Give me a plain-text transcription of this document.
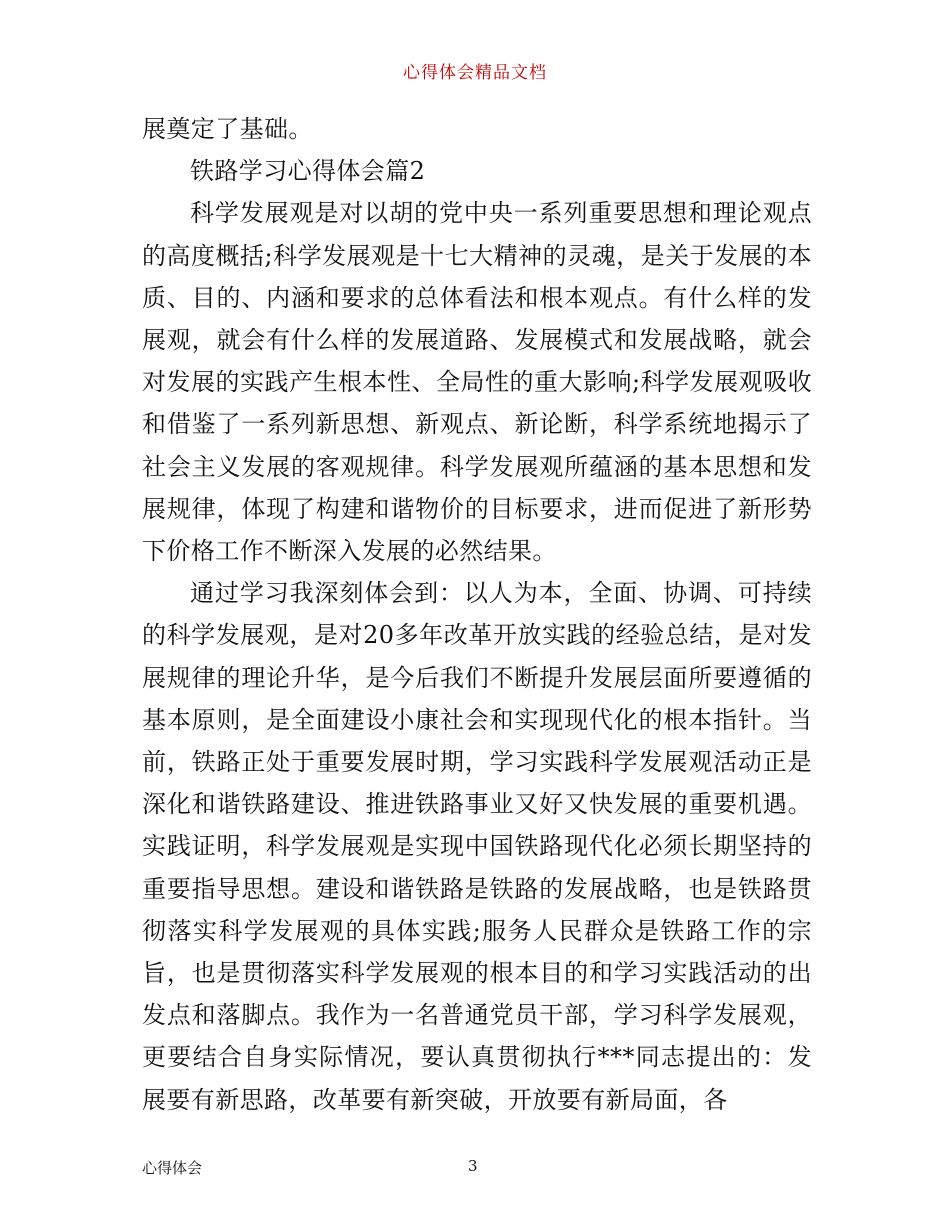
心得体会精品文档

展奠定了基础。

铁路学习心得体会篇2

科学发展观是对以胡的党中央一系列重要思想和理论观点的高度概括;科学发展观是十七大精神的灵魂，是关于发展的本质、目的、内涵和要求的总体看法和根本观点。有什么样的发展观，就会有什么样的发展道路、发展模式和发展战略，就会对发展的实践产生根本性、全局性的重大影响;科学发展观吸收和借鉴了一系列新思想、新观点、新论断，科学系统地揭示了社会主义发展的客观规律。科学发展观所蕴涵的基本思想和发展规律，体现了构建和谐物价的目标要求，进而促进了新形势下价格工作不断深入发展的必然结果。

通过学习我深刻体会到：以人为本，全面、协调、可持续的科学发展观，是对20多年改革开放实践的经验总结，是对发展规律的理论升华，是今后我们不断提升发展层面所要遵循的基本原则，是全面建设小康社会和实现现代化的根本指针。当前，铁路正处于重要发展时期，学习实践科学发展观活动正是深化和谐铁路建设、推进铁路事业又好又快发展的重要机遇。实践证明，科学发展观是实现中国铁路现代化必须长期坚持的重要指导思想。建设和谐铁路是铁路的发展战略，也是铁路贯彻落实科学发展观的具体实践;服务人民群众是铁路工作的宗旨，也是贯彻落实科学发展观的根本目的和学习实践活动的出发点和落脚点。我作为一名普通党员干部，学习科学发展观，更要结合自身实际情况，要认真贯彻执行***同志提出的：发展要有新思路，改革要有新突破，开放要有新局面，各

心得体会	3
